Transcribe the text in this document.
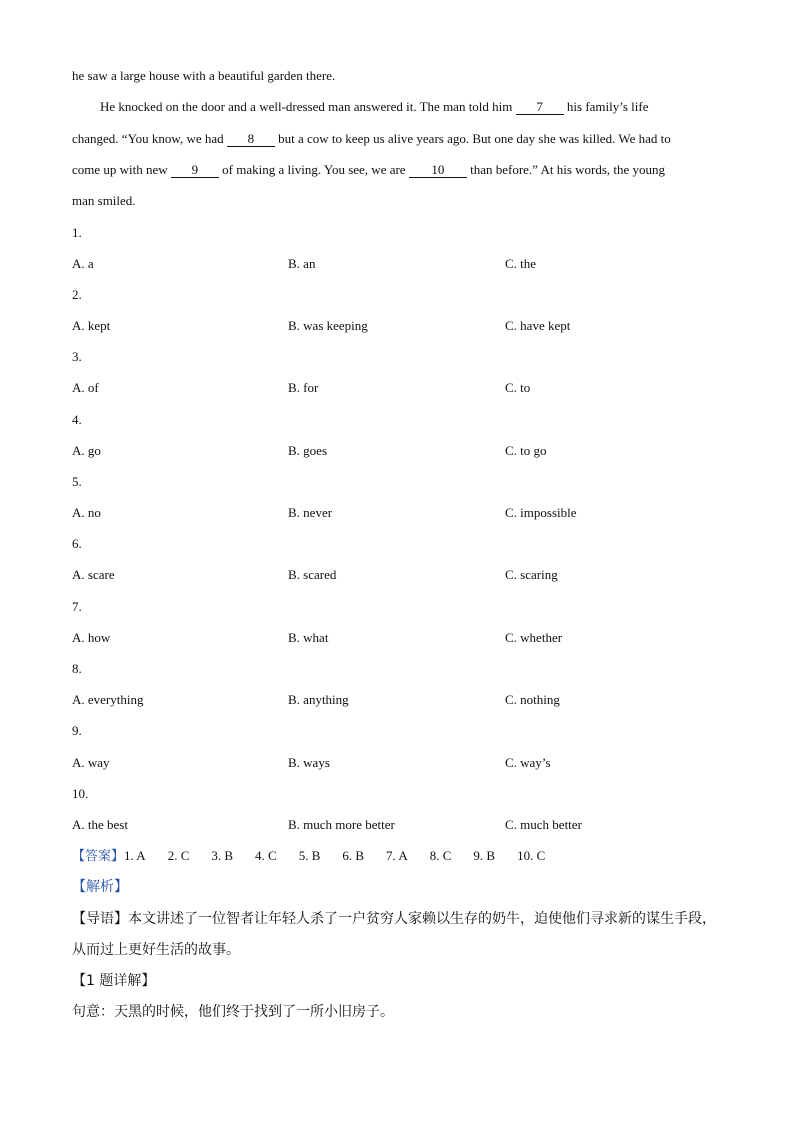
he saw a large house with a beautiful garden there.
He knocked on the door and a well-dressed man answered it. The man told him 7 his family’s life
changed. “You know, we had 8 but a cow to keep us alive years ago. But one day she was killed. We had to
come up with new 9 of making a living. You see, we are 10 than before.” At his words, the young
man smiled.
1.
A. a	B. an	C. the
2.
A. kept	B. was keeping	C. have kept
3.
A. of	B. for	C. to
4.
A. go	B. goes	C. to go
5.
A. no	B. never	C. impossible
6.
A. scare	B. scared	C. scaring
7.
A. how	B. what	C. whether
8.
A. everything	B. anything	C. nothing
9.
A. way	B. ways	C. way’s
10.
A. the best	B. much more better	C. much better
【答案】1. A 2. C 3. B 4. C 5. B 6. B 7. A 8. C 9. B 10. C
【解析】
【导语】本文讲述了一位智者让年轻人杀了一户贫穷人家赖以生存的奶牛，迫使他们寻求新的谋生手段，
从而过上更好生活的故事。
【1 题详解】
句意：天黑的时候，他们终于找到了一所小旧房子。
